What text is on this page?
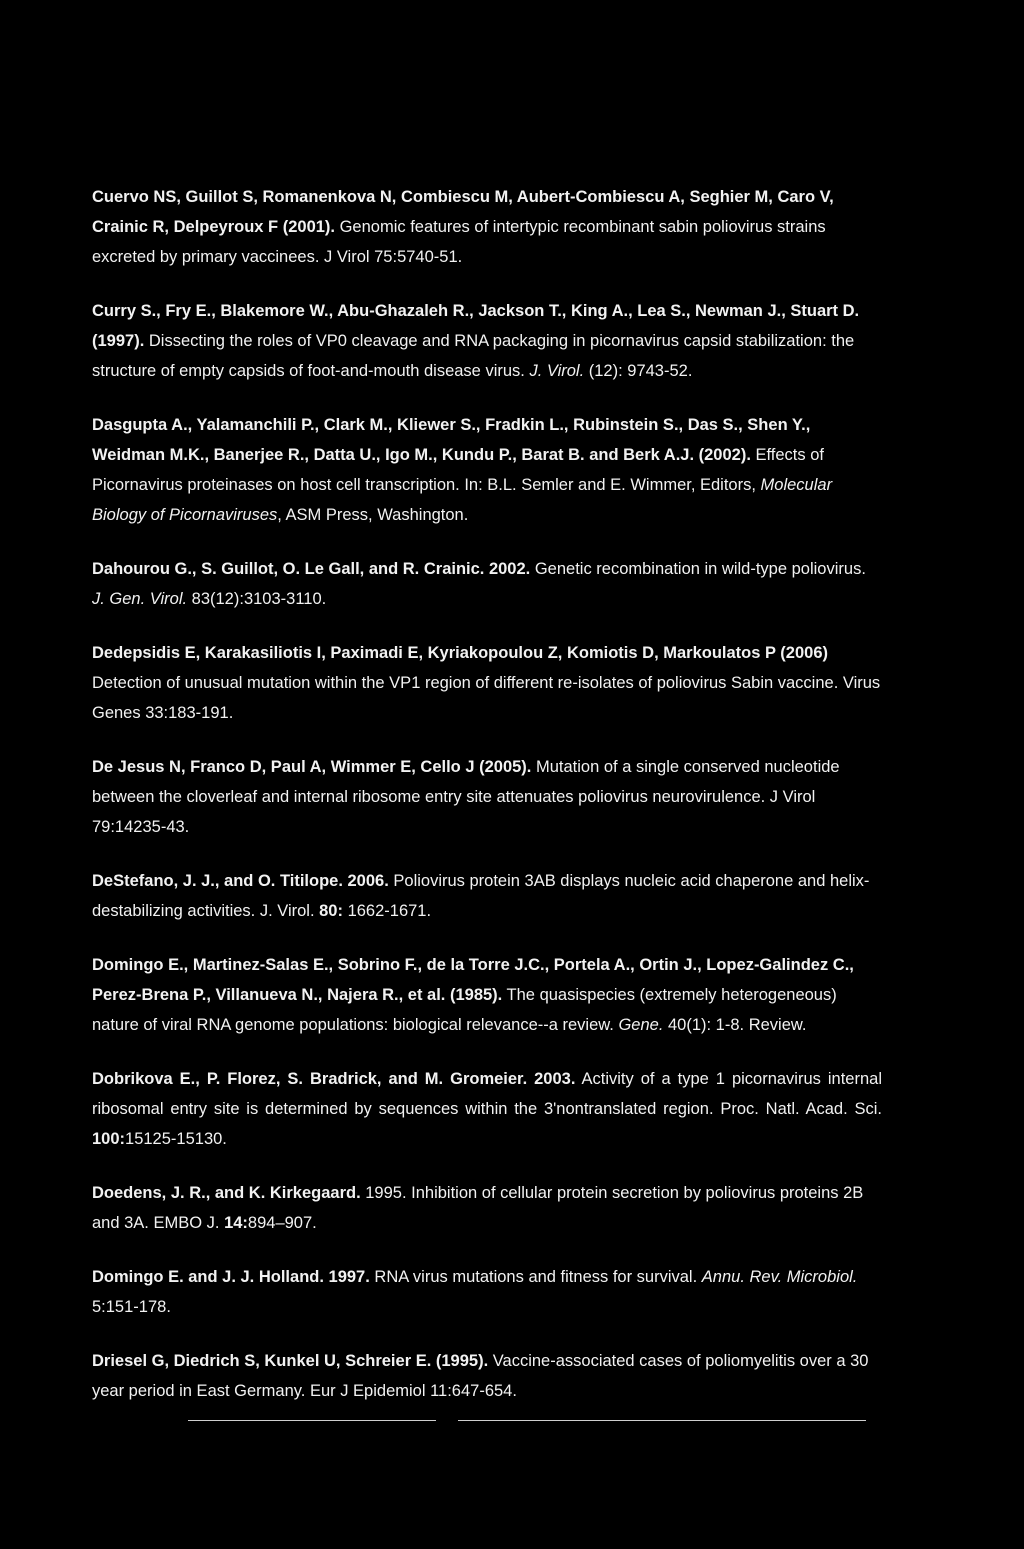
Cuervo NS, Guillot S, Romanenkova N, Combiescu M, Aubert-Combiescu A, Seghier M, Caro V, Crainic R, Delpeyroux F (2001). Genomic features of intertypic recombinant sabin poliovirus strains excreted by primary vaccinees. J Virol 75:5740-51.

Curry S., Fry E., Blakemore W., Abu-Ghazaleh R., Jackson T., King A., Lea S., Newman J., Stuart D. (1997). Dissecting the roles of VP0 cleavage and RNA packaging in picornavirus capsid stabilization: the structure of empty capsids of foot-and-mouth disease virus. J. Virol. (12): 9743-52.

Dasgupta A., Yalamanchili P., Clark M., Kliewer S., Fradkin L., Rubinstein S., Das S., Shen Y., Weidman M.K., Banerjee R., Datta U., Igo M., Kundu P., Barat B. and Berk A.J. (2002). Effects of Picornavirus proteinases on host cell transcription. In: B.L. Semler and E. Wimmer, Editors, Molecular Biology of Picornaviruses, ASM Press, Washington.

Dahourou G., S. Guillot, O. Le Gall, and R. Crainic. 2002. Genetic recombination in wild-type poliovirus. J. Gen. Virol. 83(12):3103-3110.

Dedepsidis E, Karakasiliotis I, Paximadi E, Kyriakopoulou Z, Komiotis D, Markoulatos P (2006) Detection of unusual mutation within the VP1 region of different re-isolates of poliovirus Sabin vaccine. Virus Genes 33:183-191.

De Jesus N, Franco D, Paul A, Wimmer E, Cello J (2005). Mutation of a single conserved nucleotide between the cloverleaf and internal ribosome entry site attenuates poliovirus neurovirulence. J Virol 79:14235-43.

DeStefano, J. J., and O. Titilope. 2006. Poliovirus protein 3AB displays nucleic acid chaperone and helix-destabilizing activities. J. Virol. 80: 1662-1671.

Domingo E., Martinez-Salas E., Sobrino F., de la Torre J.C., Portela A., Ortin J., Lopez-Galindez C., Perez-Brena P., Villanueva N., Najera R., et al. (1985). The quasispecies (extremely heterogeneous) nature of viral RNA genome populations: biological relevance--a review. Gene. 40(1): 1-8. Review.

Dobrikova E., P. Florez, S. Bradrick, and M. Gromeier. 2003. Activity of a type 1 picornavirus internal ribosomal entry site is determined by sequences within the 3'nontranslated region. Proc. Natl. Acad. Sci. 100:15125-15130.

Doedens, J. R., and K. Kirkegaard. 1995. Inhibition of cellular protein secretion by poliovirus proteins 2B and 3A. EMBO J. 14:894–907.

Domingo E. and J. J. Holland. 1997. RNA virus mutations and fitness for survival. Annu. Rev. Microbiol. 5:151-178.

Driesel G, Diedrich S, Kunkel U, Schreier E. (1995). Vaccine-associated cases of poliomyelitis over a 30 year period in East Germany. Eur J Epidemiol 11:647-654.
